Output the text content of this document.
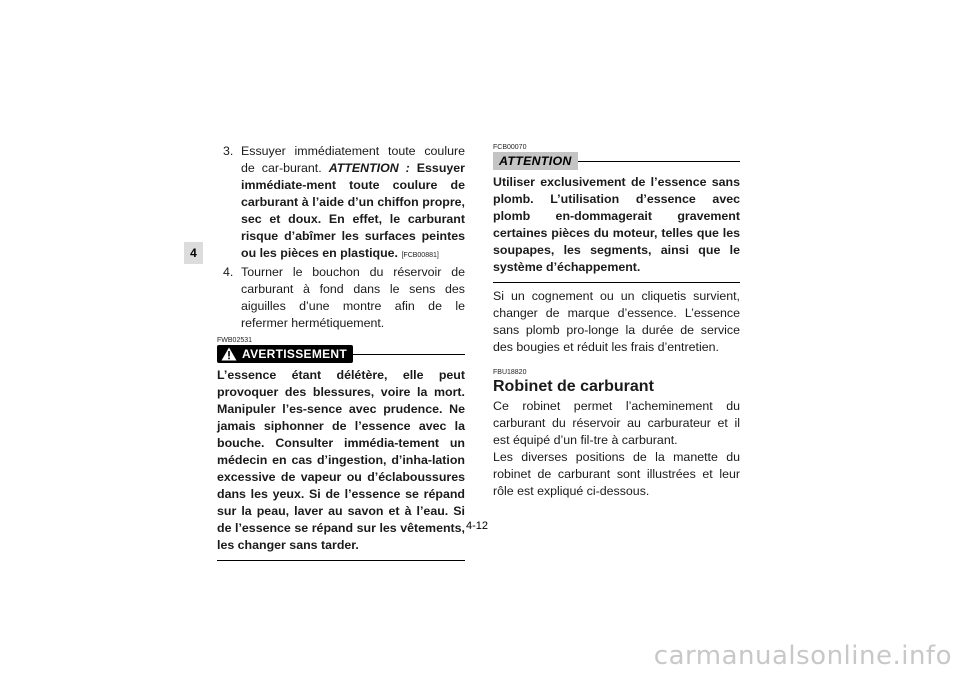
4
3. Essuyer immédiatement toute coulure de car-burant. ATTENTION : Essuyer immédiate-ment toute coulure de carburant à l’aide d’un chiffon propre, sec et doux. En effet, le carburant risque d’abîmer les surfaces peintes ou les pièces en plastique. [FCB00881]
4. Tourner le bouchon du réservoir de carburant à fond dans le sens des aiguilles d’une montre afin de le refermer hermétiquement.
FWB02531
AVERTISSEMENT
L’essence étant délétère, elle peut provoquer des blessures, voire la mort. Manipuler l’es-sence avec prudence. Ne jamais siphonner de l’essence avec la bouche. Consulter immédia-tement un médecin en cas d’ingestion, d’inha-lation excessive de vapeur ou d’éclaboussures dans les yeux. Si de l’essence se répand sur la peau, laver au savon et à l’eau. Si de l’essence se répand sur les vêtements, les changer sans tarder.
FCB00070
ATTENTION
Utiliser exclusivement de l’essence sans plomb. L’utilisation d’essence avec plomb en-dommagerait gravement certaines pièces du moteur, telles que les soupapes, les segments, ainsi que le système d’échappement.
Si un cognement ou un cliquetis survient, changer de marque d’essence. L’essence sans plomb pro-longe la durée de service des bougies et réduit les frais d’entretien.
FBU18820
Robinet de carburant
Ce robinet permet l’acheminement du carburant du réservoir au carburateur et il est équipé d’un fil-tre à carburant.
Les diverses positions de la manette du robinet de carburant sont illustrées et leur rôle est expliqué ci-dessous.
4-12
carmanualsonline.info
